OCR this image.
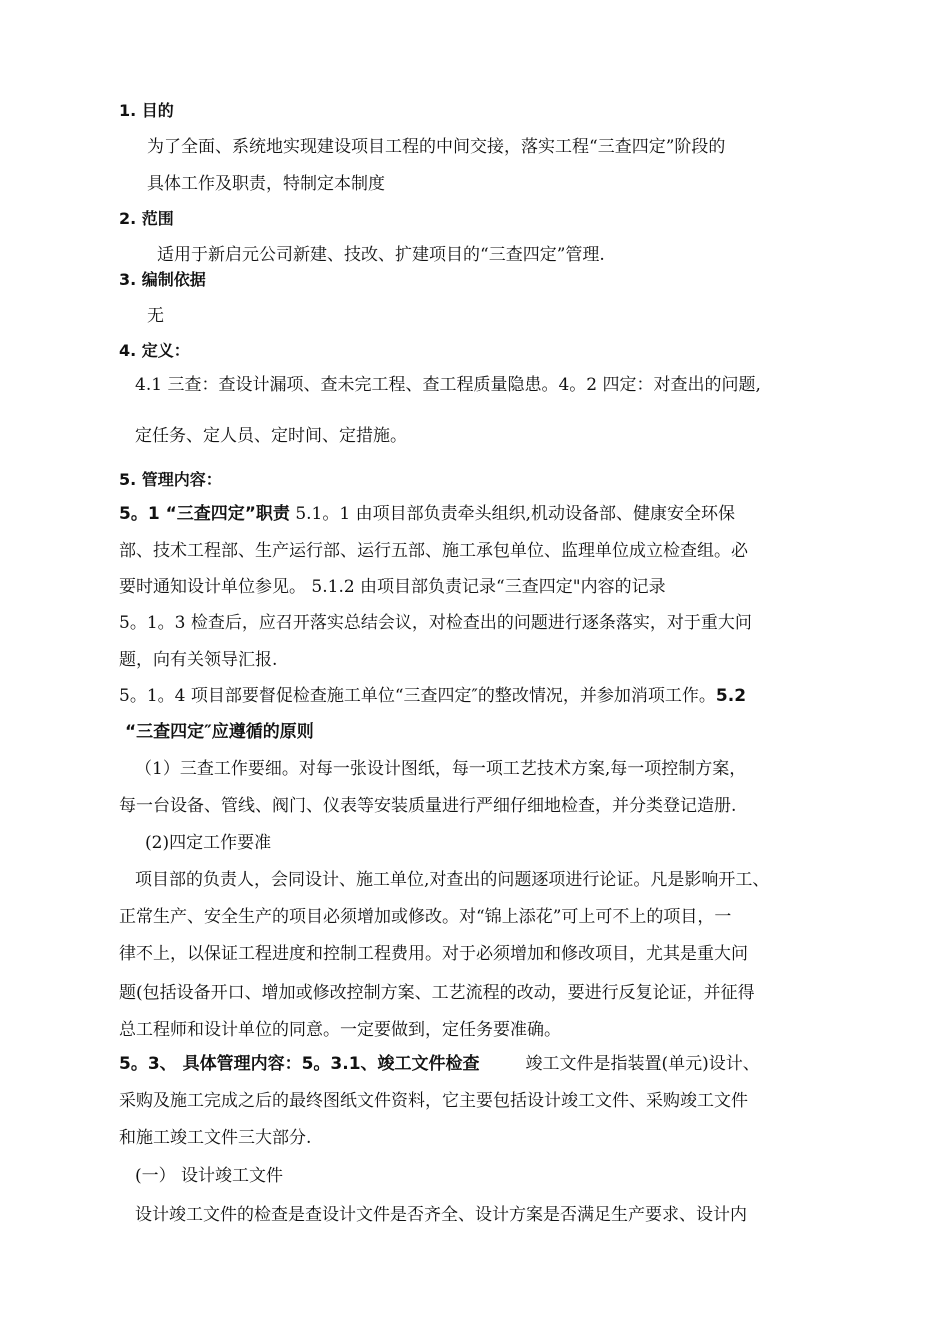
1. 目的
为了全面、系统地实现建设项目工程的中间交接，落实工程“三查四定”阶段的
具体工作及职责，特制定本制度
2. 范围
适用于新启元公司新建、技改、扩建项目的“三查四定”管理.
3. 编制依据
无
4. 定义：
4.1 三查：查设计漏项、查未完工程、查工程质量隐患。4。2 四定：对查出的问题,
定任务、定人员、定时间、定措施。
5. 管理内容：
5。1 “三查四定”职责 5.1。1 由项目部负责牵头组织,机动设备部、健康安全环保
部、技术工程部、生产运行部、运行五部、施工承包单位、监理单位成立检查组。必
要时通知设计单位参见。 5.1.2 由项目部负责记录“三查四定"内容的记录
5。1。3 检查后，应召开落实总结会议，对检查出的问题进行逐条落实，对于重大问
题，向有关领导汇报.
5。1。4 项目部要督促检查施工单位“三查四定″的整改情况，并参加消项工作。5.2
“三查四定″应遵循的原则
（1）三查工作要细。对每一张设计图纸，每一项工艺技术方案,每一项控制方案，
每一台设备、管线、阀门、仪表等安装质量进行严细仔细地检查，并分类登记造册.
(2)四定工作要准
项目部的负责人，会同设计、施工单位,对查出的问题逐项进行论证。凡是影响开工、
正常生产、安全生产的项目必须增加或修改。对“锦上添花”可上可不上的项目，一
律不上，以保证工程进度和控制工程费用。对于必须增加和修改项目，尤其是重大问
题(包括设备开口、增加或修改控制方案、工艺流程的改动，要进行反复论证，并征得
总工程师和设计单位的同意。一定要做到，定任务要准确。
5。3、 具体管理内容：5。3.1、竣工文件检查	竣工文件是指装置(单元)设计、
采购及施工完成之后的最终图纸文件资料，它主要包括设计竣工文件、采购竣工文件
和施工竣工文件三大部分.
(一） 设计竣工文件
设计竣工文件的检查是查设计文件是否齐全、设计方案是否满足生产要求、设计内
